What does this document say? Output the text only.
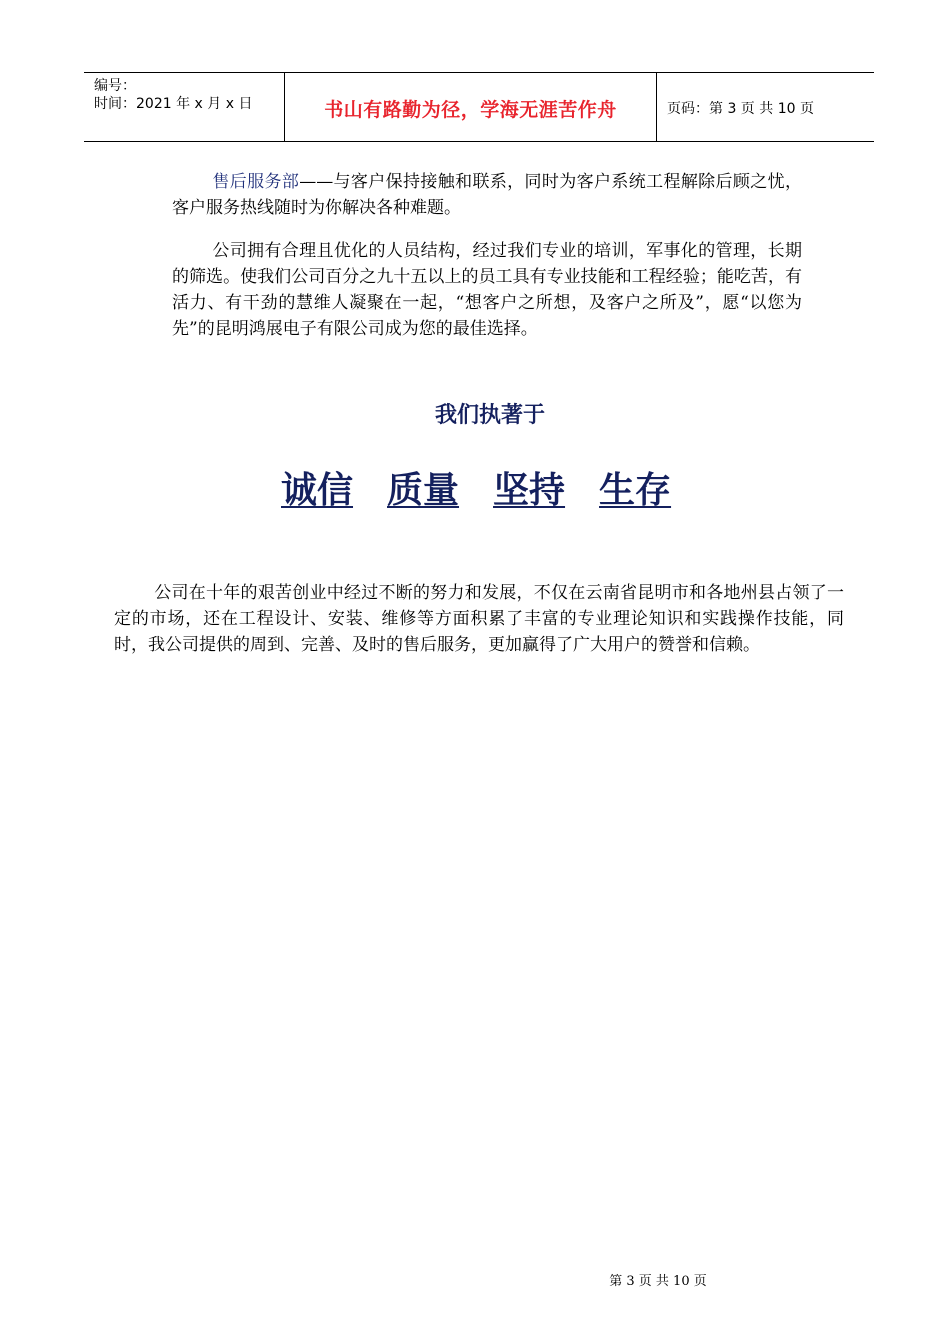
编号：
时间：2021 年 x 月 x 日	书山有路勤为径，学海无涯苦作舟	页码：第 3 页 共 10 页

售后服务部——与客户保持接触和联系，同时为客户系统工程解除后顾之忧，客户服务热线随时为你解决各种难题。

公司拥有合理且优化的人员结构，经过我们专业的培训，军事化的管理，长期的筛选。使我们公司百分之九十五以上的员工具有专业技能和工程经验；能吃苦，有活力、有干劲的慧维人凝聚在一起，“想客户之所想，及客户之所及”，愿“以您为先”的昆明鸿展电子有限公司成为您的最佳选择。

我们执著于
诚信 质量 坚持 生存

公司在十年的艰苦创业中经过不断的努力和发展，不仅在云南省昆明市和各地州县占领了一定的市场，还在工程设计、安装、维修等方面积累了丰富的专业理论知识和实践操作技能，同时，我公司提供的周到、完善、及时的售后服务，更加赢得了广大用户的赞誉和信赖。

第 3 页 共 10 页
